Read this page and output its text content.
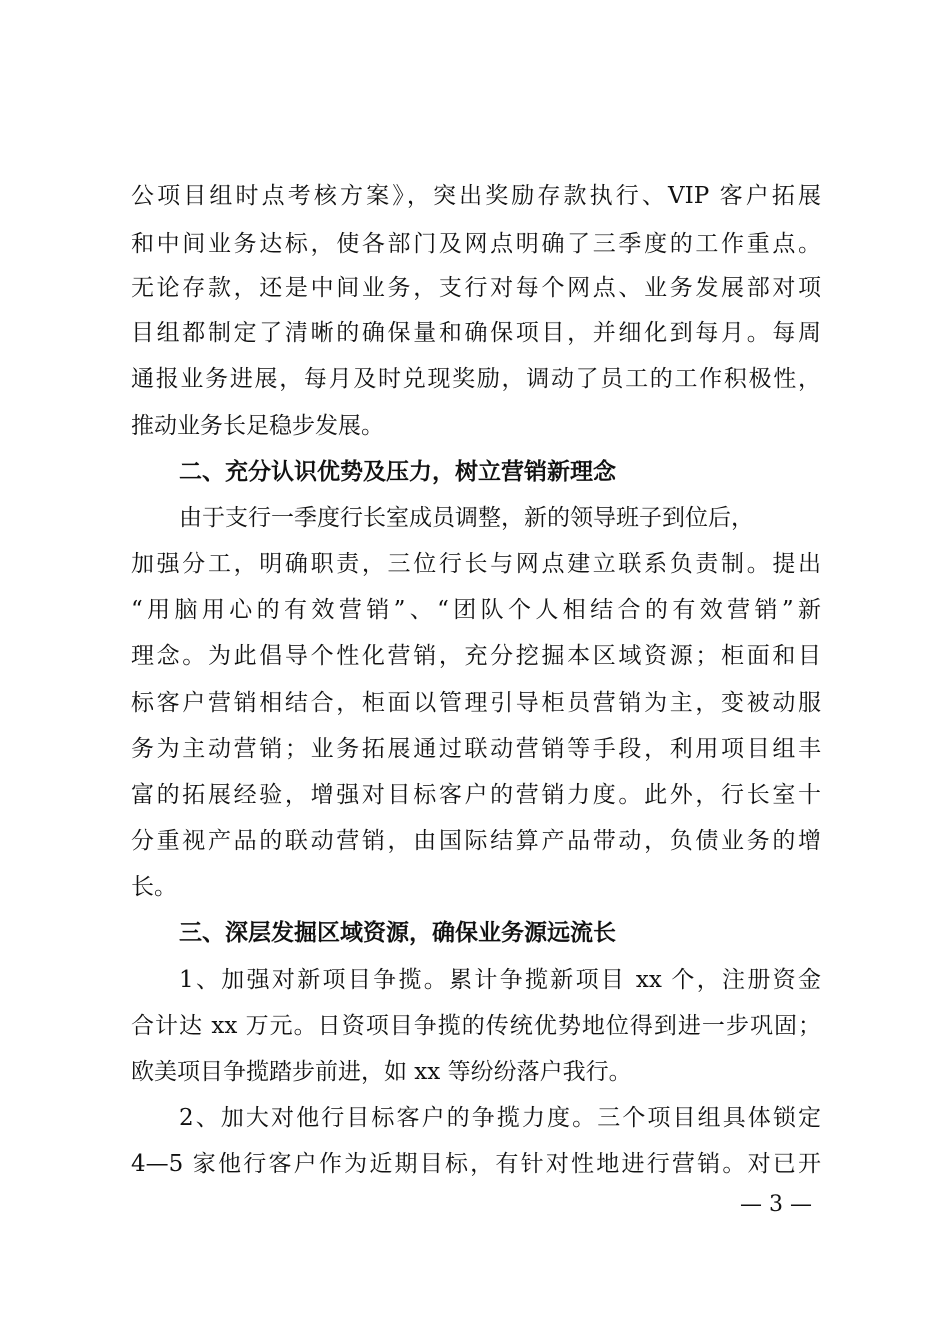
公项目组时点考核方案》，突出奖励存款执行、VIP 客户拓展
和中间业务达标，使各部门及网点明确了三季度的工作重点。
无论存款，还是中间业务，支行对每个网点、业务发展部对项
目组都制定了清晰的确保量和确保项目，并细化到每月。每周
通报业务进展，每月及时兑现奖励，调动了员工的工作积极性，
推动业务长足稳步发展。
二、充分认识优势及压力，树立营销新理念
由于支行一季度行长室成员调整，新的领导班子到位后，
加强分工，明确职责，三位行长与网点建立联系负责制。提出
“用脑用心的有效营销”、“团队个人相结合的有效营销”新
理念。为此倡导个性化营销，充分挖掘本区域资源；柜面和目
标客户营销相结合，柜面以管理引导柜员营销为主，变被动服
务为主动营销；业务拓展通过联动营销等手段，利用项目组丰
富的拓展经验，增强对目标客户的营销力度。此外，行长室十
分重视产品的联动营销，由国际结算产品带动，负债业务的增
长。
三、深层发掘区域资源，确保业务源远流长
1、加强对新项目争揽。累计争揽新项目 xx 个，注册资金
合计达 xx 万元。日资项目争揽的传统优势地位得到进一步巩固；
欧美项目争揽踏步前进，如 xx 等纷纷落户我行。
2、加大对他行目标客户的争揽力度。三个项目组具体锁定
4—5 家他行客户作为近期目标，有针对性地进行营销。对已开
— 3 —
